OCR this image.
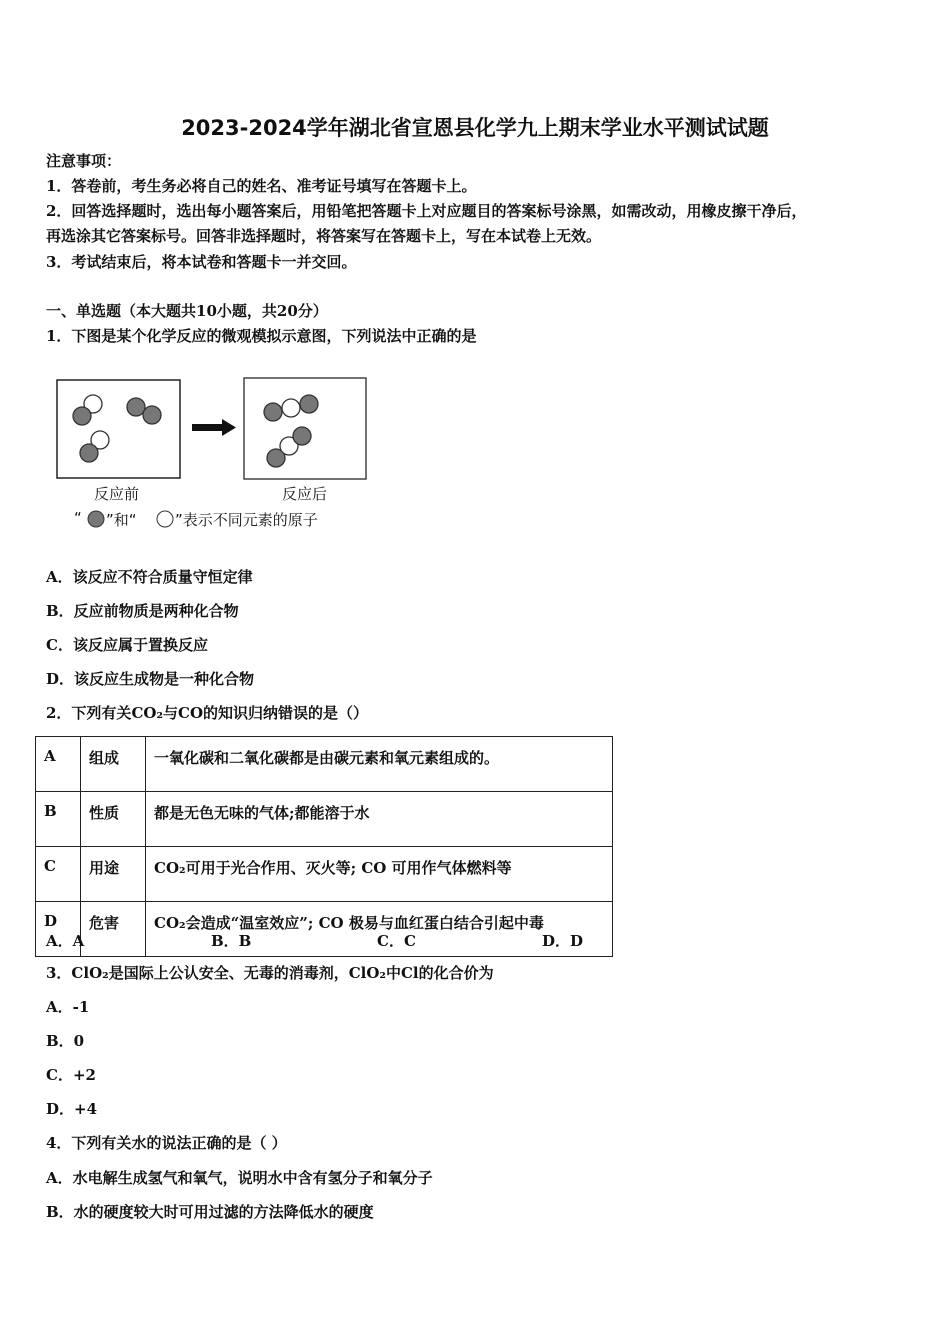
2023-2024学年湖北省宣恩县化学九上期末学业水平测试试题
注意事项：
1．答卷前，考生务必将自己的姓名、准考证号填写在答题卡上。
2．回答选择题时，选出每小题答案后，用铅笔把答题卡上对应题目的答案标号涂黑，如需改动，用橡皮擦干净后，
再选涂其它答案标号。回答非选择题时，将答案写在答题卡上，写在本试卷上无效。
3．考试结束后，将本试卷和答题卡一并交回。
一、单选题（本大题共10小题，共20分）
1．下图是某个化学反应的微观模拟示意图，下列说法中正确的是
反应前	反应后
“ ”和“	”表示不同元素的原子
A．该反应不符合质量守恒定律
B．反应前物质是两种化合物
C．该反应属于置换反应
D．该反应生成物是一种化合物
2．下列有关CO₂与CO的知识归纳错误的是（）
A	组成	一氧化碳和二氧化碳都是由碳元素和氧元素组成的。
B	性质	都是无色无味的气体;都能溶于水
C	用途	CO₂可用于光合作用、灭火等; CO 可用作气体燃料等
D	危害	CO₂会造成“温室效应”; CO 极易与血红蛋白结合引起中毒
A．A	B．B	C．C	D．D
3．ClO₂是国际上公认安全、无毒的消毒剂，ClO₂中Cl的化合价为
A．-1
B．0
C．+2
D．+4
4．下列有关水的说法正确的是（ ）
A．水电解生成氢气和氧气，说明水中含有氢分子和氧分子
B．水的硬度较大时可用过滤的方法降低水的硬度
